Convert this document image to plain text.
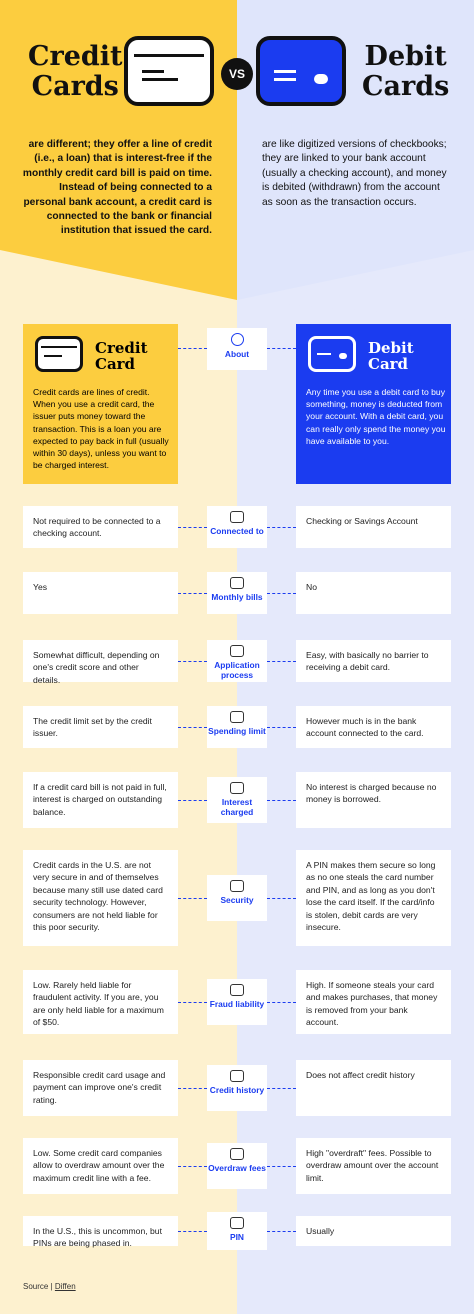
Credit
Cards
Debit
Cards
VS
are different; they offer a line of credit (i.e., a loan) that is interest-free if the monthly credit card bill is paid on time. Instead of being connected to a personal bank account, a credit card is connected to the bank or financial institution that issued the card.
are like digitized versions of checkbooks; they are linked to your bank account (usually a checking account), and money is debited (withdrawn) from the account as soon as the transaction occurs.
Credit
Card
Credit cards are lines of credit. When you use a credit card, the issuer puts money toward the transaction. This is a loan you are expected to pay back in full (usually within 30 days), unless you want to be charged interest.
Debit
Card
Any time you use a debit card to buy something, money is deducted from your account. With a debit card, you can really only spend the money you have available to you.
About
Not required to be connected to a checking account.
Checking or Savings Account
Connected to
Yes	No
Monthly bills
Somewhat difficult, depending on one's credit score and other details.
Easy, with basically no barrier to receiving a debit card.
Application process
The credit limit set by the credit issuer.
However much is in the bank account connected to the card.
Spending limit
If a credit card bill is not paid in full, interest is charged on outstanding balance.
No interest is charged because no money is borrowed.
Interest charged
Credit cards in the U.S. are not very secure in and of themselves because many still use dated card security technology. However, consumers are not held liable for this poor security.
A PIN makes them secure so long as no one steals the card number and PIN, and as long as you don't lose the card itself. If the card/info is stolen, debit cards are very insecure.
Security
Low. Rarely held liable for fraudulent activity. If you are, you are only held liable for a maximum of $50.
High. If someone steals your card and makes purchases, that money is removed from your bank account.
Fraud liability
Responsible credit card usage and payment can improve one's credit rating.
Does not affect credit history
Credit history
Low. Some credit card companies allow to overdraw amount over the maximum credit line with a fee.
High "overdraft" fees. Possible to overdraw amount over the account limit.
Overdraw fees
In the U.S., this is uncommon, but PINs are being phased in.
Usually
PIN
Source | Diffen
